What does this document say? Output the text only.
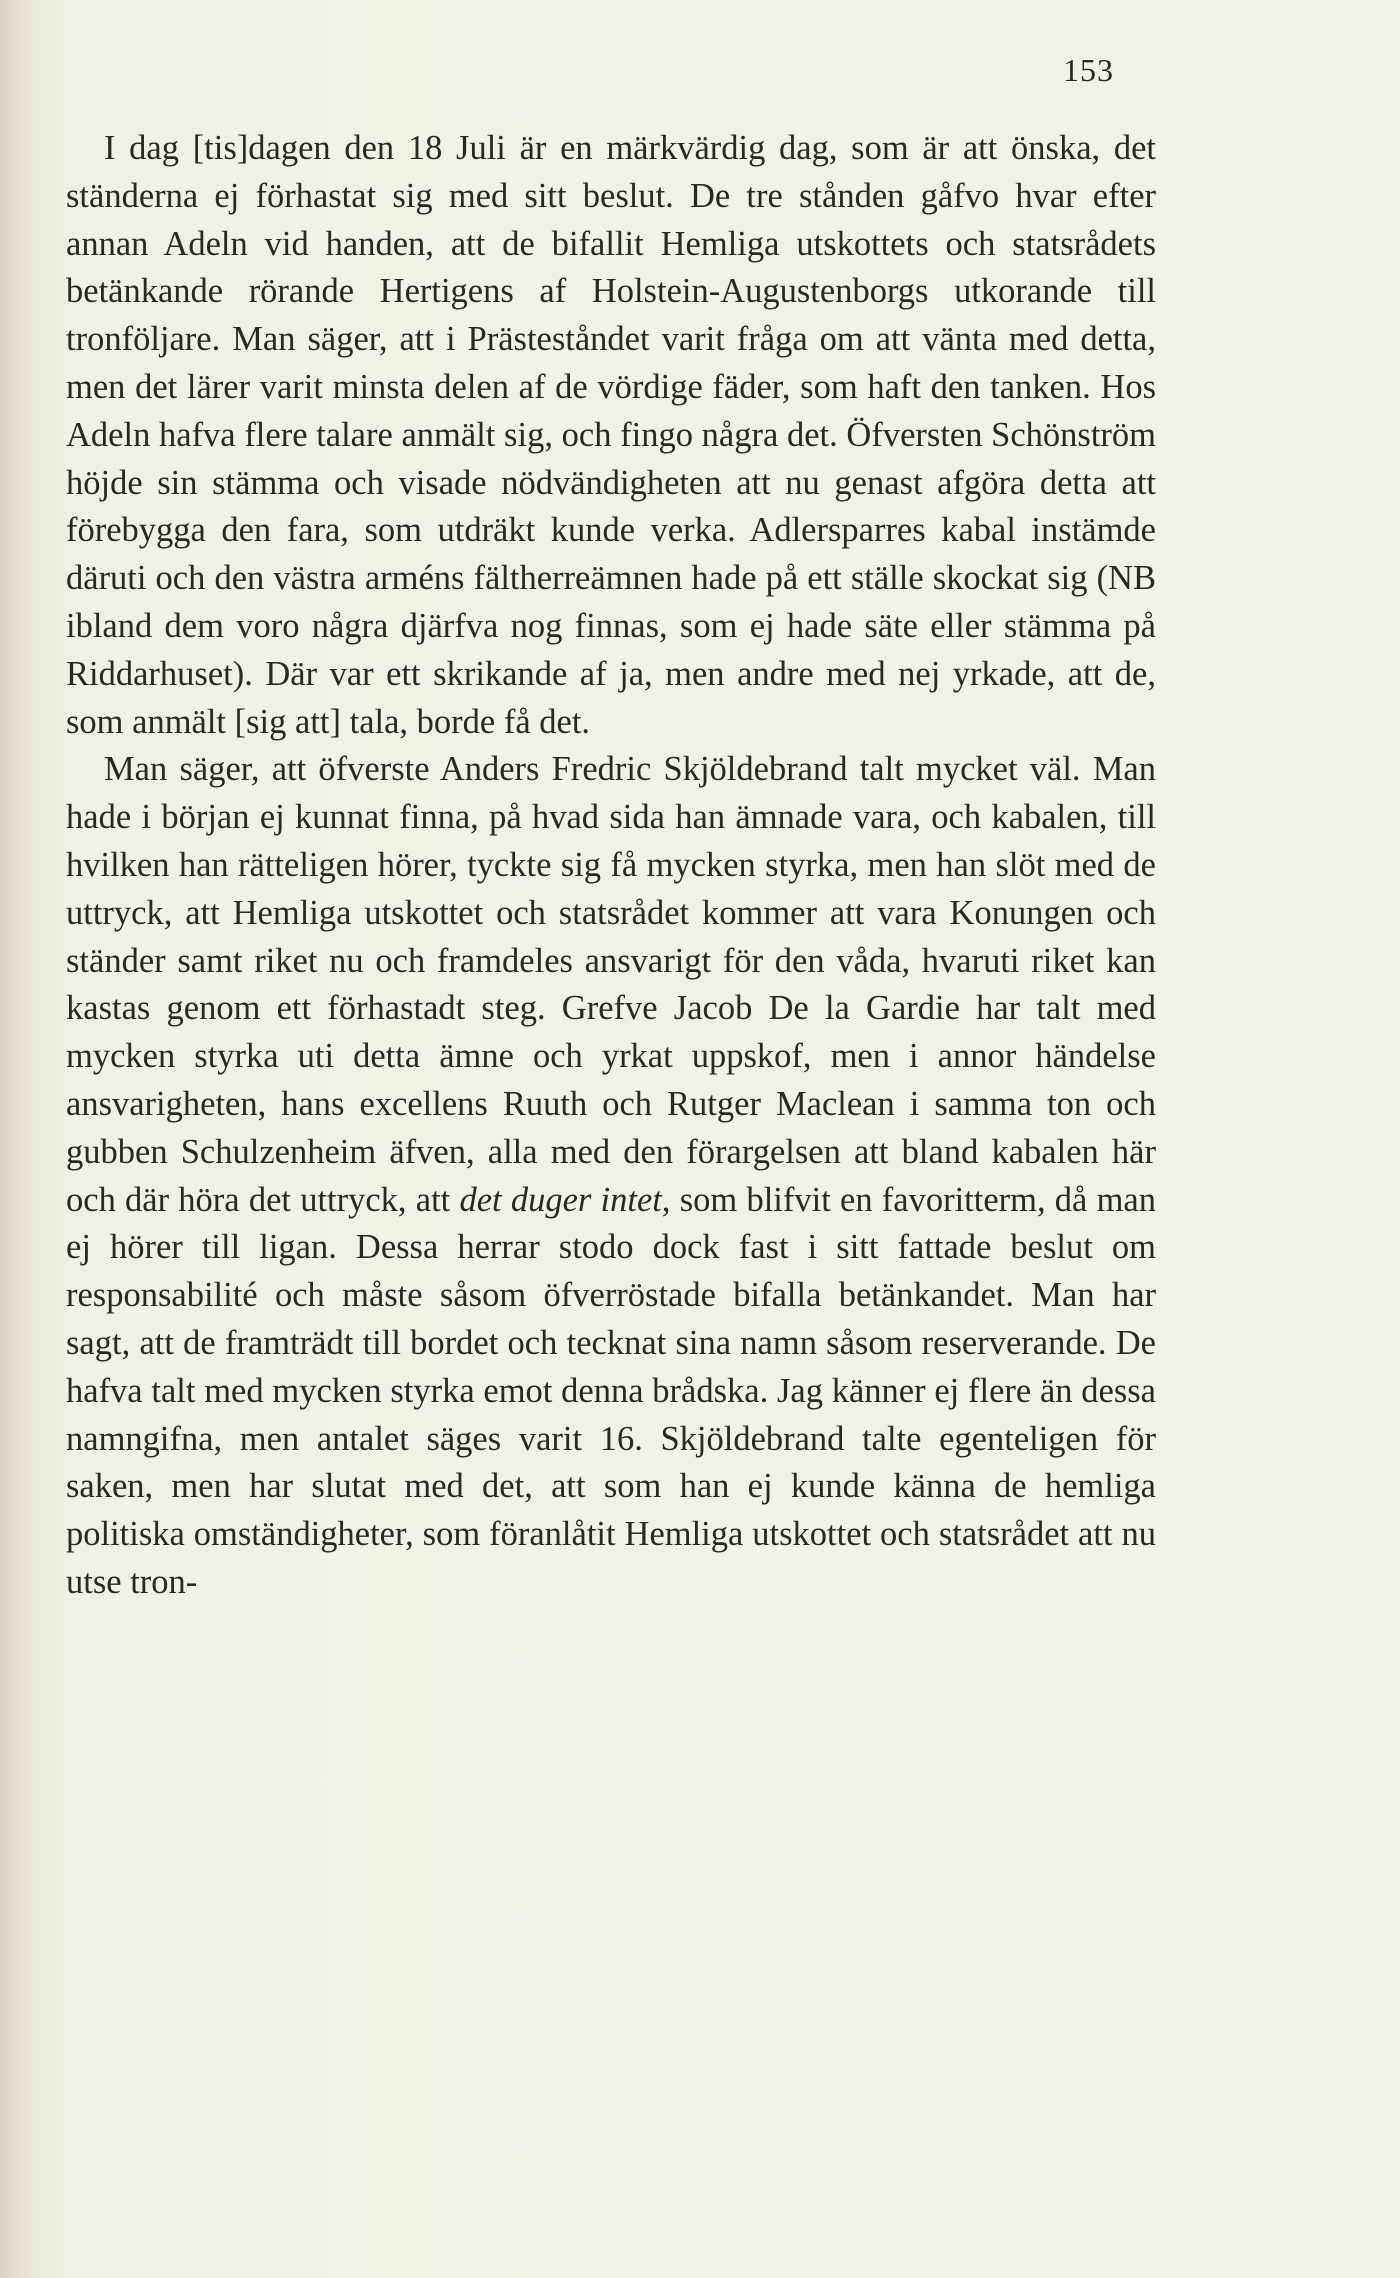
153

I dag [tis]dagen den 18 Juli är en märkvärdig dag, som är att önska, det ständerna ej förhastat sig med sitt beslut. De tre stånden gåfvo hvar efter annan Adeln vid handen, att de bifallit Hemliga utskottets och statsrådets betänkande rörande Hertigens af Holstein-Augustenborgs utkorande till tronföljare. Man säger, att i Prästeståndet varit fråga om att vänta med detta, men det lärer varit minsta delen af de vördige fäder, som haft den tanken. Hos Adeln hafva flere talare anmält sig, och fingo några det. Öfversten Schönström höjde sin stämma och visade nödvändigheten att nu genast afgöra detta att förebygga den fara, som utdräkt kunde verka. Adlersparres kabal instämde däruti och den västra arméns fältherreämnen hade på ett ställe skockat sig (NB ibland dem voro några djärfva nog finnas, som ej hade säte eller stämma på Riddarhuset). Där var ett skrikande af ja, men andre med nej yrkade, att de, som anmält [sig att] tala, borde få det.

Man säger, att öfverste Anders Fredric Skjöldebrand talt mycket väl. Man hade i början ej kunnat finna, på hvad sida han ämnade vara, och kabalen, till hvilken han rätteligen hörer, tyckte sig få mycken styrka, men han slöt med de uttryck, att Hemliga utskottet och statsrådet kommer att vara Konungen och ständer samt riket nu och framdeles ansvarigt för den våda, hvaruti riket kan kastas genom ett förhastadt steg. Grefve Jacob De la Gardie har talt med mycken styrka uti detta ämne och yrkat uppskof, men i annor händelse ansvarigheten, hans excellens Ruuth och Rutger Maclean i samma ton och gubben Schulzenheim äfven, alla med den förargelsen att bland kabalen här och där höra det uttryck, att det duger intet, som blifvit en favoritterm, då man ej hörer till ligan. Dessa herrar stodo dock fast i sitt fattade beslut om responsabilité och måste såsom öfverröstade bifalla betänkandet. Man har sagt, att de framträdt till bordet och tecknat sina namn såsom reserverande. De hafva talt med mycken styrka emot denna brådska. Jag känner ej flere än dessa namngifna, men antalet säges varit 16. Skjöldebrand talte egenteligen för saken, men har slutat med det, att som han ej kunde känna de hemliga politiska omständigheter, som föranlåtit Hemliga utskottet och statsrådet att nu utse tron-
